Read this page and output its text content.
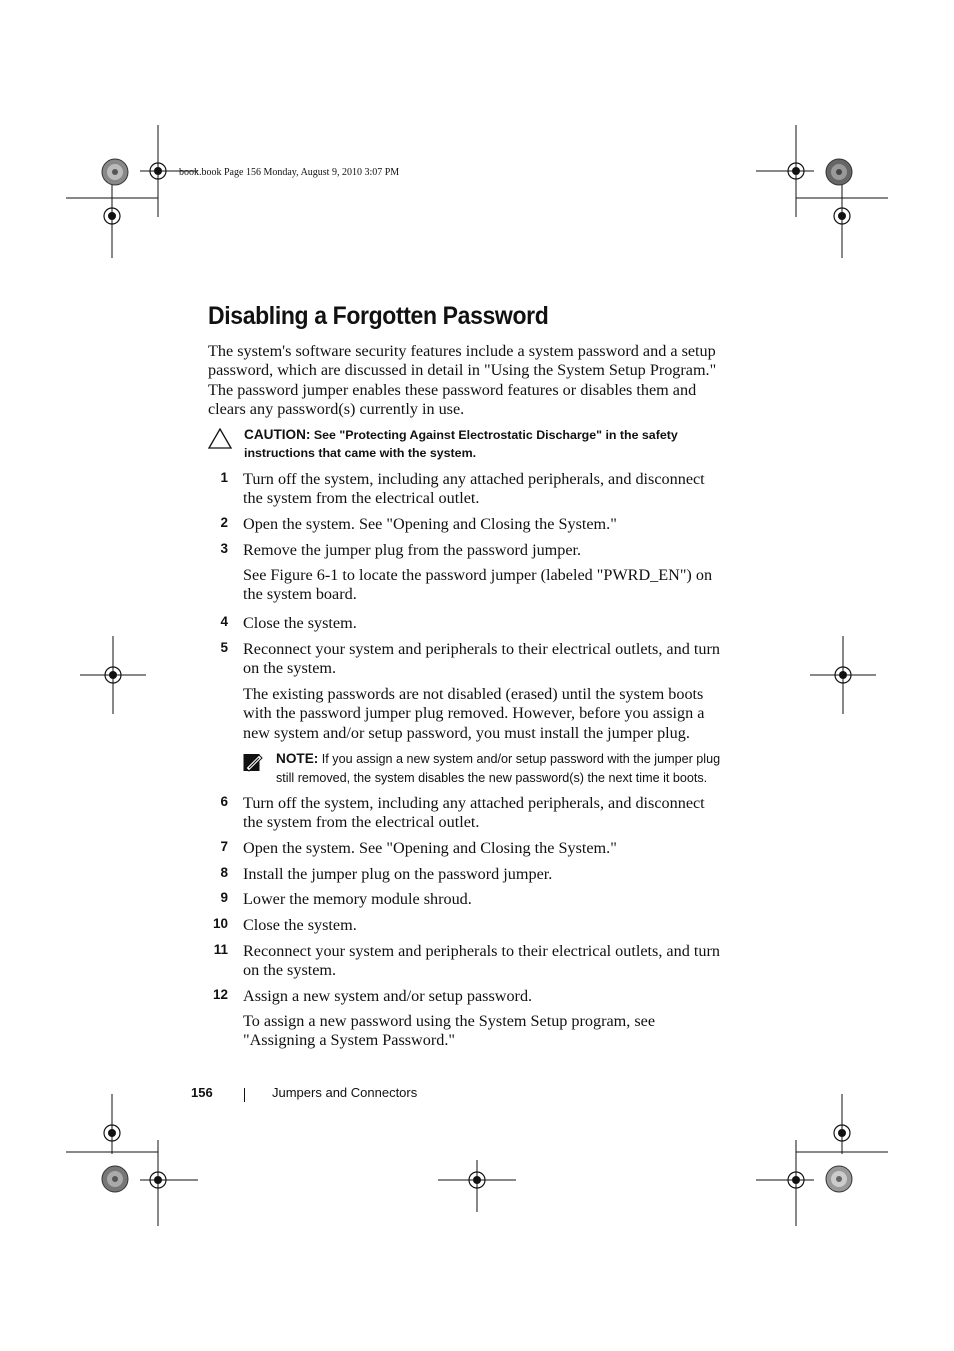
book.book Page 156 Monday, August 9, 2010 3:07 PM
Disabling a Forgotten Password

The system's software security features include a system password and a setup password, which are discussed in detail in "Using the System Setup Program." The password jumper enables these password features or disables them and clears any password(s) currently in use.

CAUTION: See "Protecting Against Electrostatic Discharge" in the safety instructions that came with the system.
1 Turn off the system, including any attached peripherals, and disconnect the system from the electrical outlet.
2 Open the system. See "Opening and Closing the System."
3 Remove the jumper plug from the password jumper.
See Figure 6-1 to locate the password jumper (labeled "PWRD_EN") on the system board.
4 Close the system.
5 Reconnect your system and peripherals to their electrical outlets, and turn on the system.
The existing passwords are not disabled (erased) until the system boots with the password jumper plug removed. However, before you assign a new system and/or setup password, you must install the jumper plug.
6 Turn off the system, including any attached peripherals, and disconnect the system from the electrical outlet.
7 Open the system. See "Opening and Closing the System."
8 Install the jumper plug on the password jumper.
9 Lower the memory module shroud.
10 Close the system.
11 Reconnect your system and peripherals to their electrical outlets, and turn on the system.
12 Assign a new system and/or setup password.
To assign a new password using the System Setup program, see "Assigning a System Password."
NOTE: If you assign a new system and/or setup password with the jumper plug still removed, the system disables the new password(s) the next time it boots.
156	Jumpers and Connectors
